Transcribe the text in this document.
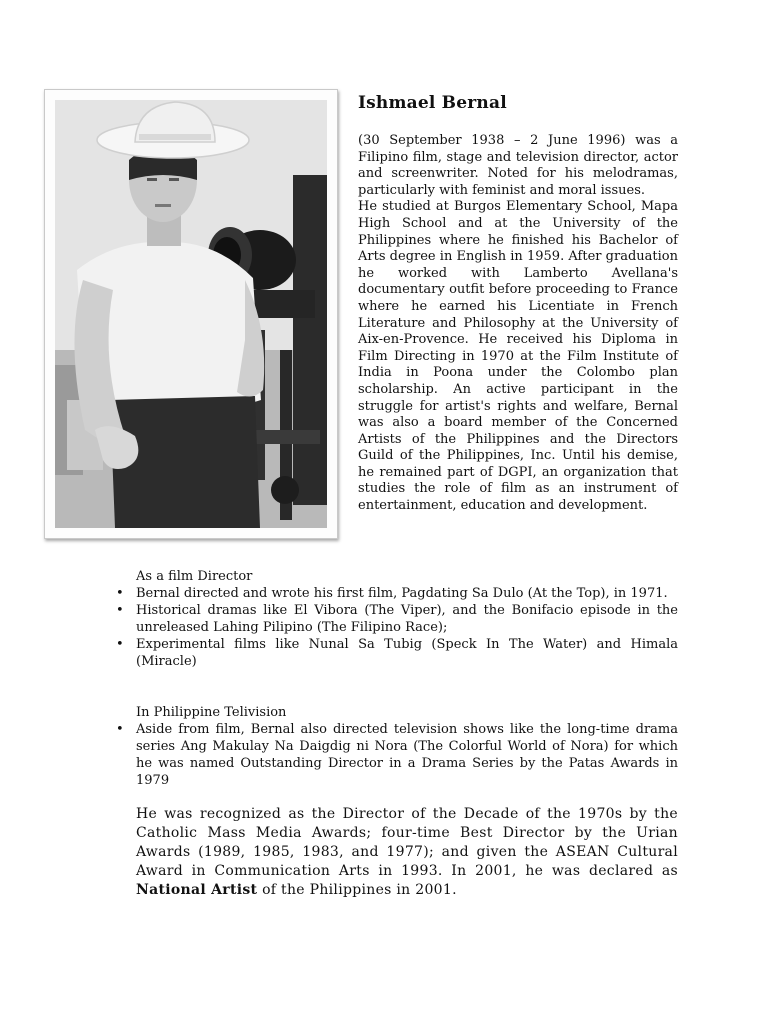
Ishmael Bernal

(30 September 1938 – 2 June 1996) was a Filipino film, stage and television director, actor and screenwriter. Noted for his melodramas, particularly with feminist and moral issues.

He studied at Burgos Elementary School, Mapa High School and at the University of the Philippines where he finished his Bachelor of Arts degree in English in 1959. After graduation he worked with Lamberto Avellana's documentary outfit before proceeding to France where he earned his Licentiate in French Literature and Philosophy at the University of Aix-en-Provence. He received his Diploma in Film Directing in 1970 at the Film Institute of India in Poona under the Colombo plan scholarship. An active participant in the struggle for artist's rights and welfare, Bernal was also a board member of the Concerned Artists of the Philippines and the Directors Guild of the Philippines, Inc. Until his demise, he remained part of DGPI, an organization that studies the role of film as an instrument of entertainment, education and development.

As a film Director

• Bernal directed and wrote his first film, Pagdating Sa Dulo (At the Top), in 1971.
• Historical dramas like El Vibora (The Viper), and the Bonifacio episode in the unreleased Lahing Pilipino (The Filipino Race);
• Experimental films like Nunal Sa Tubig (Speck In The Water) and Himala (Miracle)

In Philippine Telivision

• Aside from film, Bernal also directed television shows like the long-time drama series Ang Makulay Na Daigdig ni Nora (The Colorful World of Nora) for which he was named Outstanding Director in a Drama Series by the Patas Awards in 1979
He was recognized as the Director of the Decade of the 1970s by the Catholic Mass Media Awards; four-time Best Director by the Urian Awards (1989, 1985, 1983, and 1977); and given the ASEAN Cultural Award in Communication Arts in 1993. In 2001, he was declared as National Artist of the Philippines in 2001.
